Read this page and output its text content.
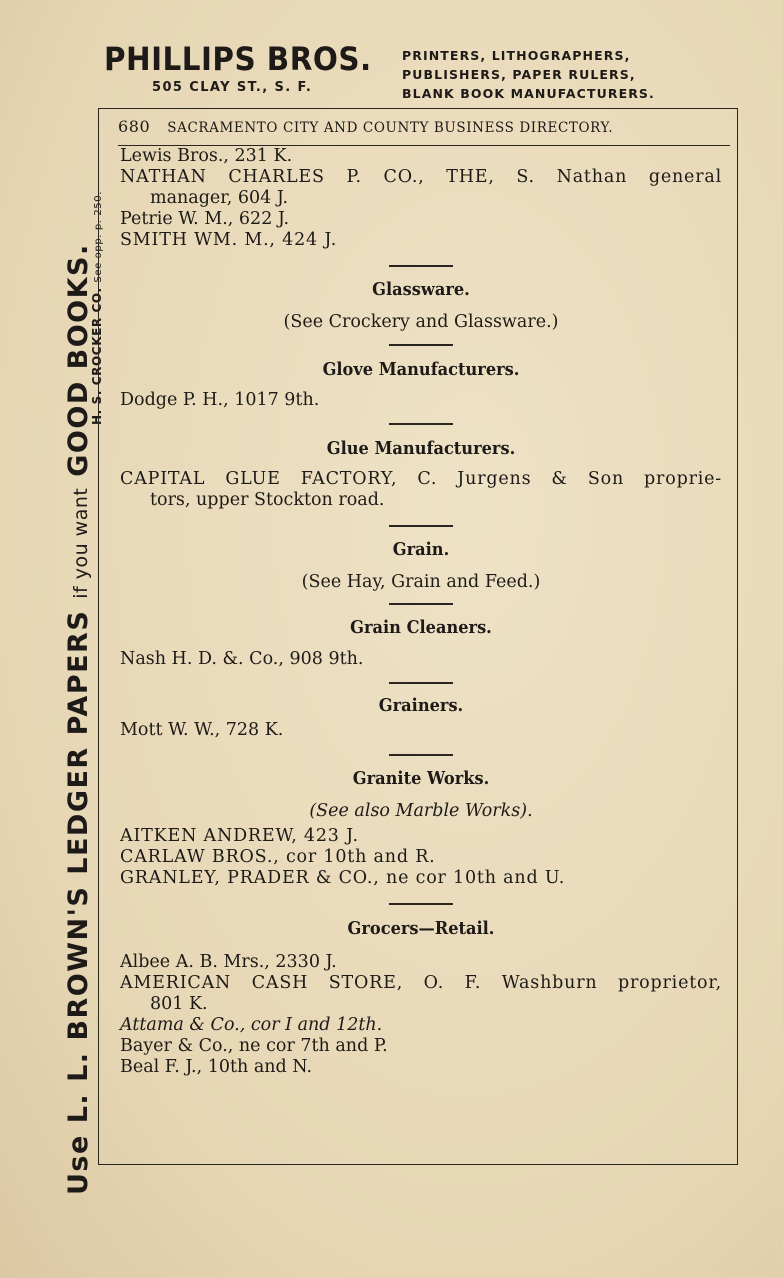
PHILLIPS BROS.
505 CLAY ST., S. F.
PRINTERS, LITHOGRAPHERS,
PUBLISHERS, PAPER RULERS,
BLANK BOOK MANUFACTURERS.
Use L. L. BROWN'S LEDGER PAPERS if you want GOOD BOOKS.
H. S. CROCKER CO. See opp. p. 250.
680 SACRAMENTO CITY AND COUNTY BUSINESS DIRECTORY.
Lewis Bros., 231 K.
NATHAN CHARLES P. CO., THE, S. Nathan general
manager, 604 J.
Petrie W. M., 622 J.
SMITH WM. M., 424 J.
Glassware.
(See Crockery and Glassware.)
Glove Manufacturers.
Dodge P. H., 1017 9th.
Glue Manufacturers.
CAPITAL GLUE FACTORY, C. Jurgens & Son proprie-
tors, upper Stockton road.
Grain.
(See Hay, Grain and Feed.)
Grain Cleaners.
Nash H. D. &. Co., 908 9th.
Grainers.
Mott W. W., 728 K.
Granite Works.
(See also Marble Works).
AITKEN ANDREW, 423 J.
CARLAW BROS., cor 10th and R.
GRANLEY, PRADER & CO., ne cor 10th and U.
Grocers—Retail.
Albee A. B. Mrs., 2330 J.
AMERICAN CASH STORE, O. F. Washburn proprietor,
801 K.
Attama & Co., cor I and 12th.
Bayer & Co., ne cor 7th and P.
Beal F. J., 10th and N.
